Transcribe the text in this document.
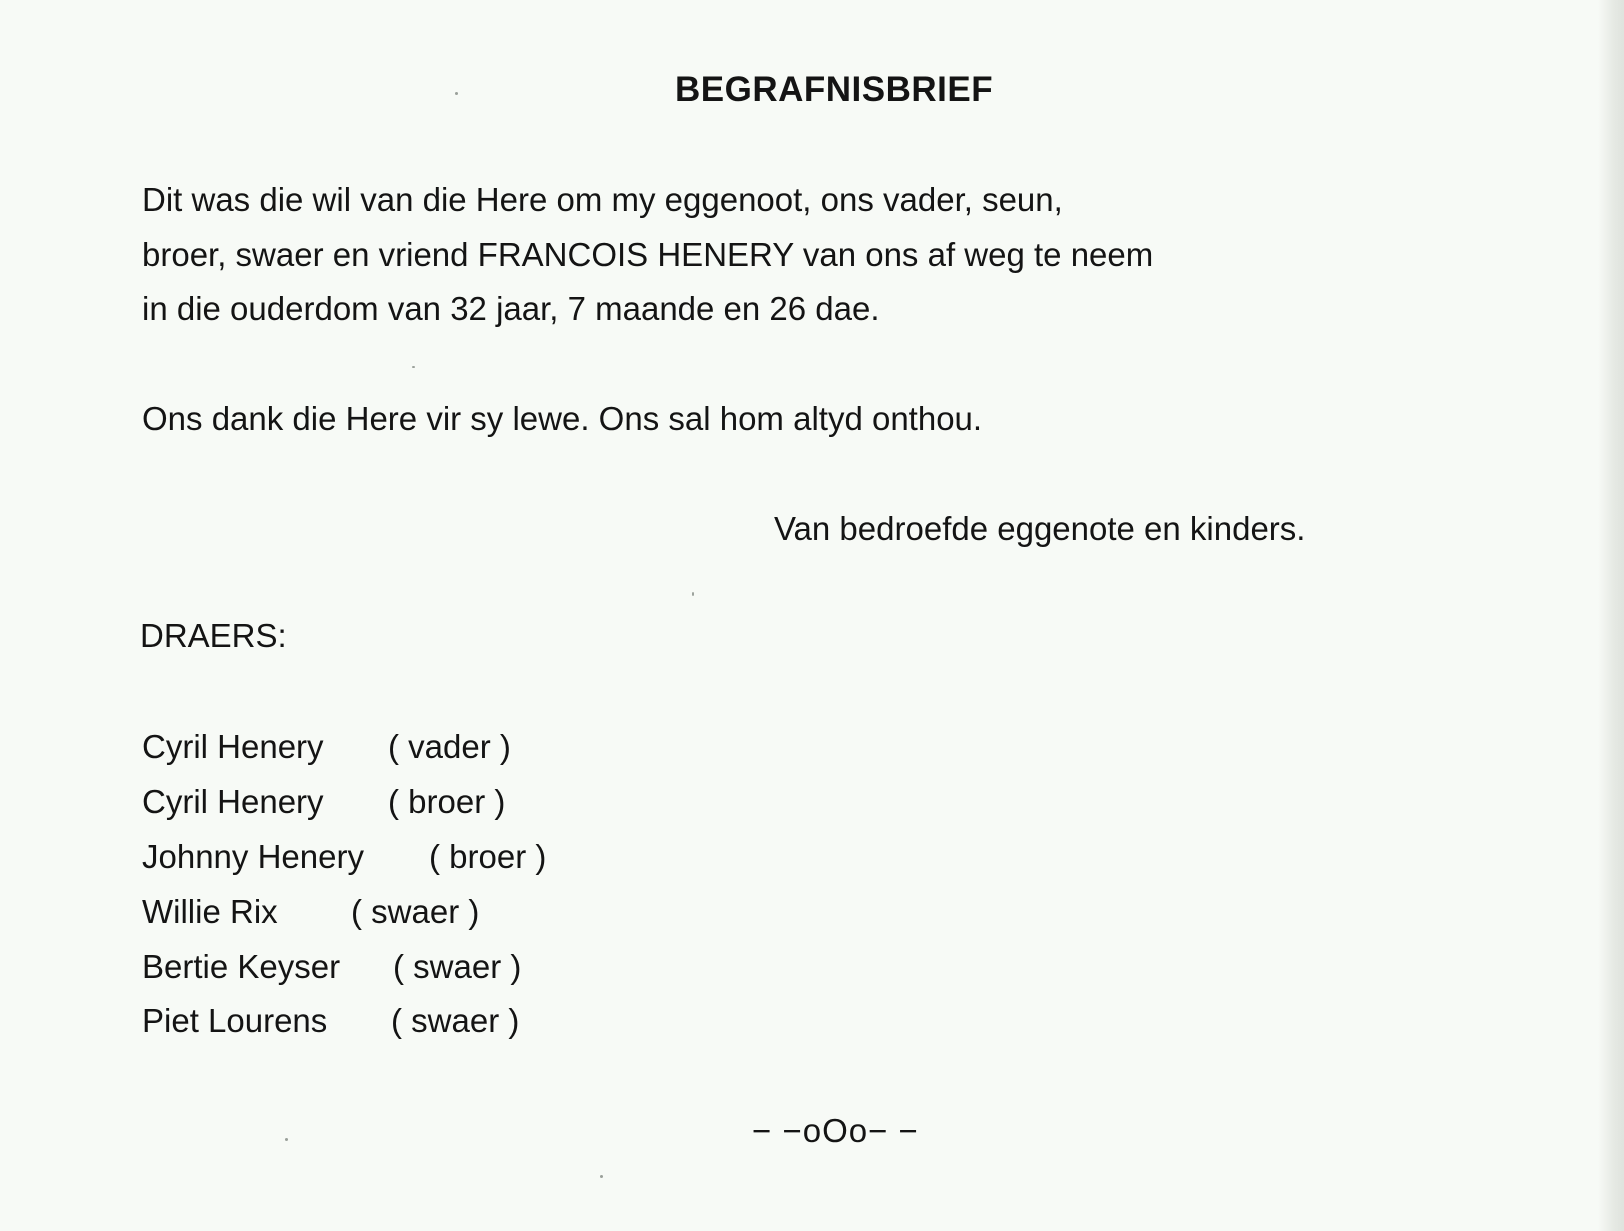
BEGRAFNISBRIEF
Dit was die wil van die Here om my eggenoot, ons vader, seun,
broer, swaer en vriend FRANCOIS HENERY van ons af weg te neem
in die ouderdom van 32 jaar, 7 maande en 26 dae.
Ons dank die Here vir sy lewe. Ons sal hom altyd onthou.
Van bedroefde eggenote en kinders.
DRAERS:
Cyril Henery ( vader )
Cyril Henery ( broer )
Johnny Henery ( broer )
Willie Rix ( swaer )
Bertie Keyser ( swaer )
Piet Lourens ( swaer )
− −oOo− −
